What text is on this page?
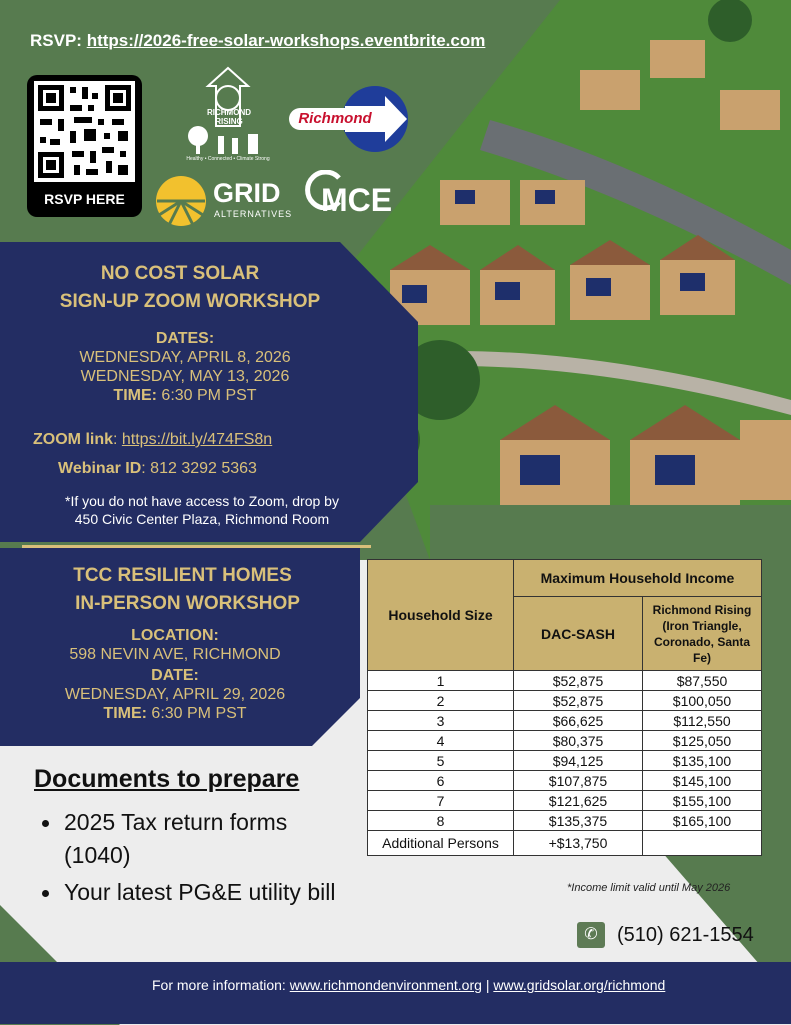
RSVP: https://2026-free-solar-workshops.eventbrite.com
RSVP HERE
RICHMOND RISING
Healthy • Connected • Climate Strong
Richmond
GRID
ALTERNATIVES MCE
NO COST SOLAR
SIGN-UP ZOOM WORKSHOP
DATES:
WEDNESDAY, APRIL 8, 2026
WEDNESDAY, MAY 13, 2026
TIME: 6:30 PM PST
ZOOM link: https://bit.ly/474FS8n
Webinar ID: 812 3292 5363
*If you do not have access to Zoom, drop by
450 Civic Center Plaza, Richmond Room
TCC RESILIENT HOMES
IN-PERSON WORKSHOP
LOCATION:
598 NEVIN AVE, RICHMOND
DATE:
WEDNESDAY, APRIL 29, 2026
TIME: 6:30 PM PST
Documents to prepare
2025 Tax return forms (1040)
Your latest PG&E utility bill
Household Size	Maximum Household Income	
	DAC-SASH	Richmond Rising (Iron Triangle, Coronado, Santa Fe)
1	$52,875	$87,550
2	$52,875	$100,050
3	$66,625	$112,550
4	$80,375	$125,050
5	$94,125	$135,100
6	$107,875	$145,100
7	$121,625	$155,100
8	$135,375	$165,100
Additional Persons	+$13,750	
*Income limit valid until May 2026
✆ (510) 621-1554
For more information: www.richmondenvironment.org | www.gridsolar.org/richmond
